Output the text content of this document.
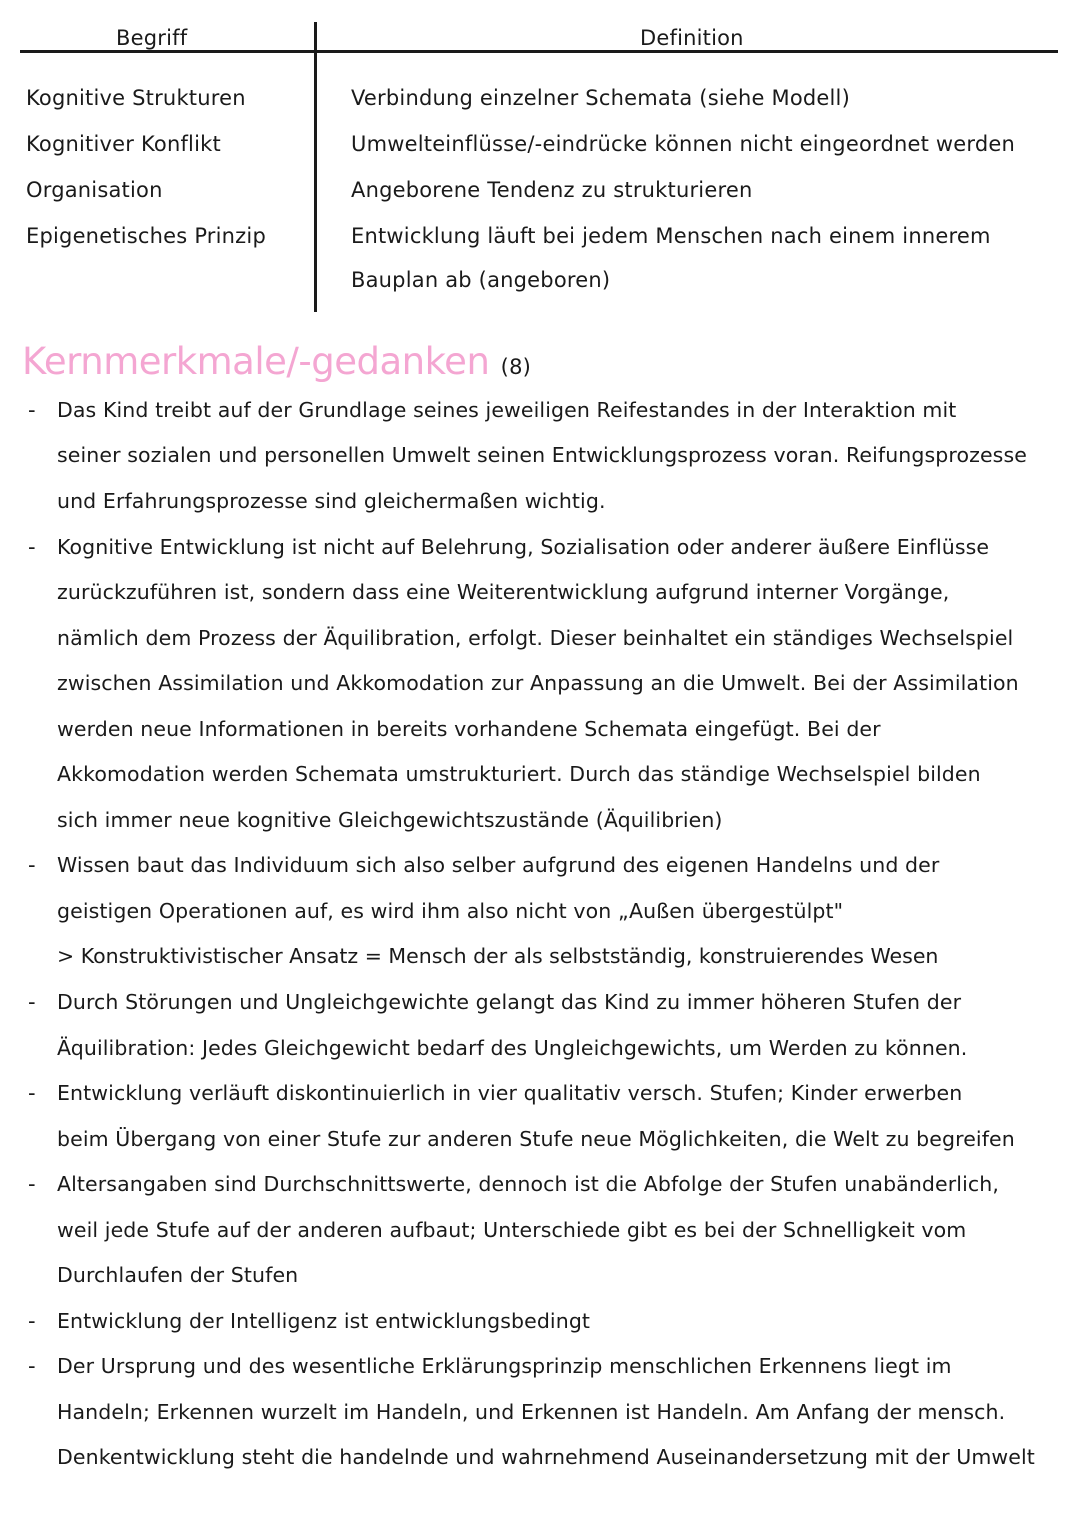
Begriff	Definition
Kognitive Strukturen	Verbindung einzelner Schemata (siehe Modell)
Kognitiver Konflikt	Umwelteinflüsse/-eindrücke können nicht eingeordnet werden
Organisation	Angeborene Tendenz zu strukturieren
Epigenetisches Prinzip	Entwicklung läuft bei jedem Menschen nach einem innerem
Bauplan ab (angeboren)
Kernmerkmale/-gedanken (8)
- Das Kind treibt auf der Grundlage seines jeweiligen Reifestandes in der Interaktion mit
seiner sozialen und personellen Umwelt seinen Entwicklungsprozess voran. Reifungsprozesse
und Erfahrungsprozesse sind gleichermaßen wichtig.
- Kognitive Entwicklung ist nicht auf Belehrung, Sozialisation oder anderer äußere Einflüsse
zurückzuführen ist, sondern dass eine Weiterentwicklung aufgrund interner Vorgänge,
nämlich dem Prozess der Äquilibration, erfolgt. Dieser beinhaltet ein ständiges Wechselspiel
zwischen Assimilation und Akkomodation zur Anpassung an die Umwelt. Bei der Assimilation
werden neue Informationen in bereits vorhandene Schemata eingefügt. Bei der
Akkomodation werden Schemata umstrukturiert. Durch das ständige Wechselspiel bilden
sich immer neue kognitive Gleichgewichtszustände (Äquilibrien)
- Wissen baut das Individuum sich also selber aufgrund des eigenen Handelns und der
geistigen Operationen auf, es wird ihm also nicht von „Außen übergestülpt"
> Konstruktivistischer Ansatz = Mensch der als selbstständig, konstruierendes Wesen
- Durch Störungen und Ungleichgewichte gelangt das Kind zu immer höheren Stufen der
Äquilibration: Jedes Gleichgewicht bedarf des Ungleichgewichts, um Werden zu können.
- Entwicklung verläuft diskontinuierlich in vier qualitativ versch. Stufen; Kinder erwerben
beim Übergang von einer Stufe zur anderen Stufe neue Möglichkeiten, die Welt zu begreifen
- Altersangaben sind Durchschnittswerte, dennoch ist die Abfolge der Stufen unabänderlich,
weil jede Stufe auf der anderen aufbaut; Unterschiede gibt es bei der Schnelligkeit vom
Durchlaufen der Stufen
- Entwicklung der Intelligenz ist entwicklungsbedingt
- Der Ursprung und des wesentliche Erklärungsprinzip menschlichen Erkennens liegt im
Handeln; Erkennen wurzelt im Handeln, und Erkennen ist Handeln. Am Anfang der mensch.
Denkentwicklung steht die handelnde und wahrnehmend Auseinandersetzung mit der Umwelt
